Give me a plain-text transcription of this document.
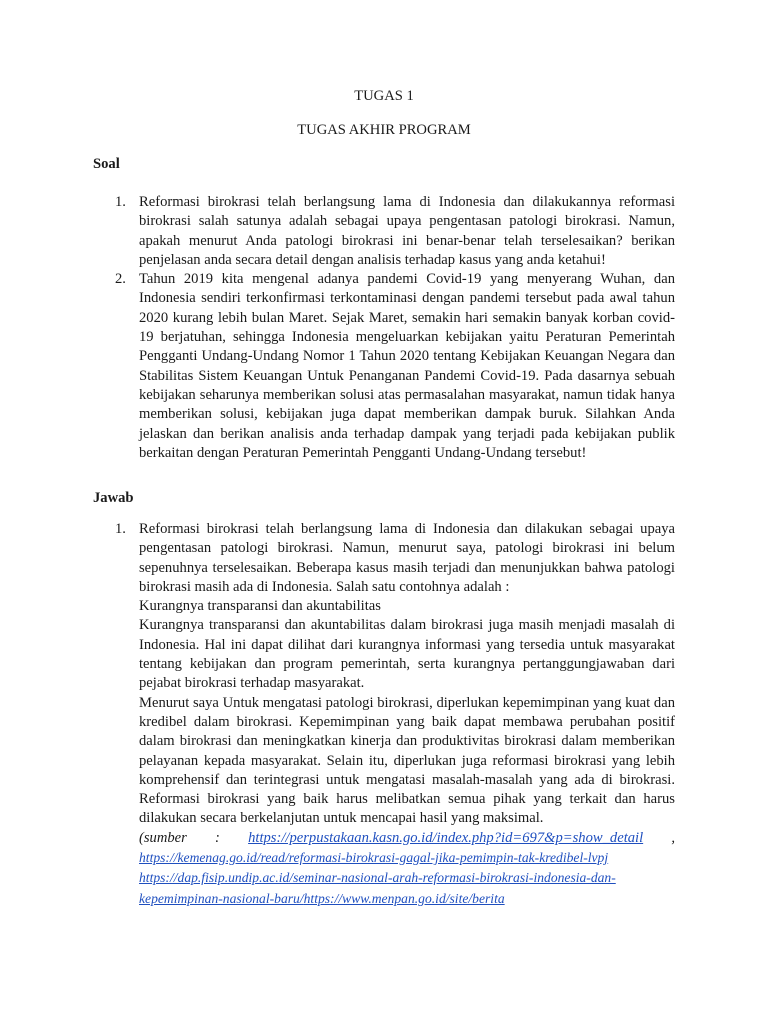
TUGAS 1
TUGAS AKHIR PROGRAM
Soal
1. Reformasi birokrasi telah berlangsung lama di Indonesia dan dilakukannya reformasi birokrasi salah satunya adalah sebagai upaya pengentasan patologi birokrasi. Namun, apakah menurut Anda patologi birokrasi ini benar-benar telah terselesaikan? berikan penjelasan anda secara detail dengan analisis terhadap kasus yang anda ketahui!
2. Tahun 2019 kita mengenal adanya pandemi Covid-19 yang menyerang Wuhan, dan Indonesia sendiri terkonfirmasi terkontaminasi dengan pandemi tersebut pada awal tahun 2020 kurang lebih bulan Maret. Sejak Maret, semakin hari semakin banyak korban covid-19 berjatuhan, sehingga Indonesia mengeluarkan kebijakan yaitu Peraturan Pemerintah Pengganti Undang-Undang Nomor 1 Tahun 2020 tentang Kebijakan Keuangan Negara dan Stabilitas Sistem Keuangan Untuk Penanganan Pandemi Covid-19. Pada dasarnya sebuah kebijakan seharunya memberikan solusi atas permasalahan masyarakat, namun tidak hanya memberikan solusi, kebijakan juga dapat memberikan dampak buruk. Silahkan Anda jelaskan dan berikan analisis anda terhadap dampak yang terjadi pada kebijakan publik berkaitan dengan Peraturan Pemerintah Pengganti Undang-Undang tersebut!
Jawab
1. Reformasi birokrasi telah berlangsung lama di Indonesia dan dilakukan sebagai upaya pengentasan patologi birokrasi. Namun, menurut saya, patologi birokrasi ini belum sepenuhnya terselesaikan. Beberapa kasus masih terjadi dan menunjukkan bahwa patologi birokrasi masih ada di Indonesia. Salah satu contohnya adalah :
Kurangnya transparansi dan akuntabilitas
Kurangnya transparansi dan akuntabilitas dalam birokrasi juga masih menjadi masalah di Indonesia. Hal ini dapat dilihat dari kurangnya informasi yang tersedia untuk masyarakat tentang kebijakan dan program pemerintah, serta kurangnya pertanggungjawaban dari pejabat birokrasi terhadap masyarakat.
Menurut saya Untuk mengatasi patologi birokrasi, diperlukan kepemimpinan yang kuat dan kredibel dalam birokrasi. Kepemimpinan yang baik dapat membawa perubahan positif dalam birokrasi dan meningkatkan kinerja dan produktivitas birokrasi dalam memberikan pelayanan kepada masyarakat. Selain itu, diperlukan juga reformasi birokrasi yang lebih komprehensif dan terintegrasi untuk mengatasi masalah-masalah yang ada di birokrasi. Reformasi birokrasi yang baik harus melibatkan semua pihak yang terkait dan harus dilakukan secara berkelanjutan untuk mencapai hasil yang maksimal.
(sumber : https://perpustakaan.kasn.go.id/index.php?id=697&p=show_detail , https://kemenag.go.id/read/reformasi-birokrasi-gagal-jika-pemimpin-tak-kredibel-lvpj
https://dap.fisip.undip.ac.id/seminar-nasional-arah-reformasi-birokrasi-indonesia-dan-kepemimpinan-nasional-baru/https://www.menpan.go.id/site/berita
